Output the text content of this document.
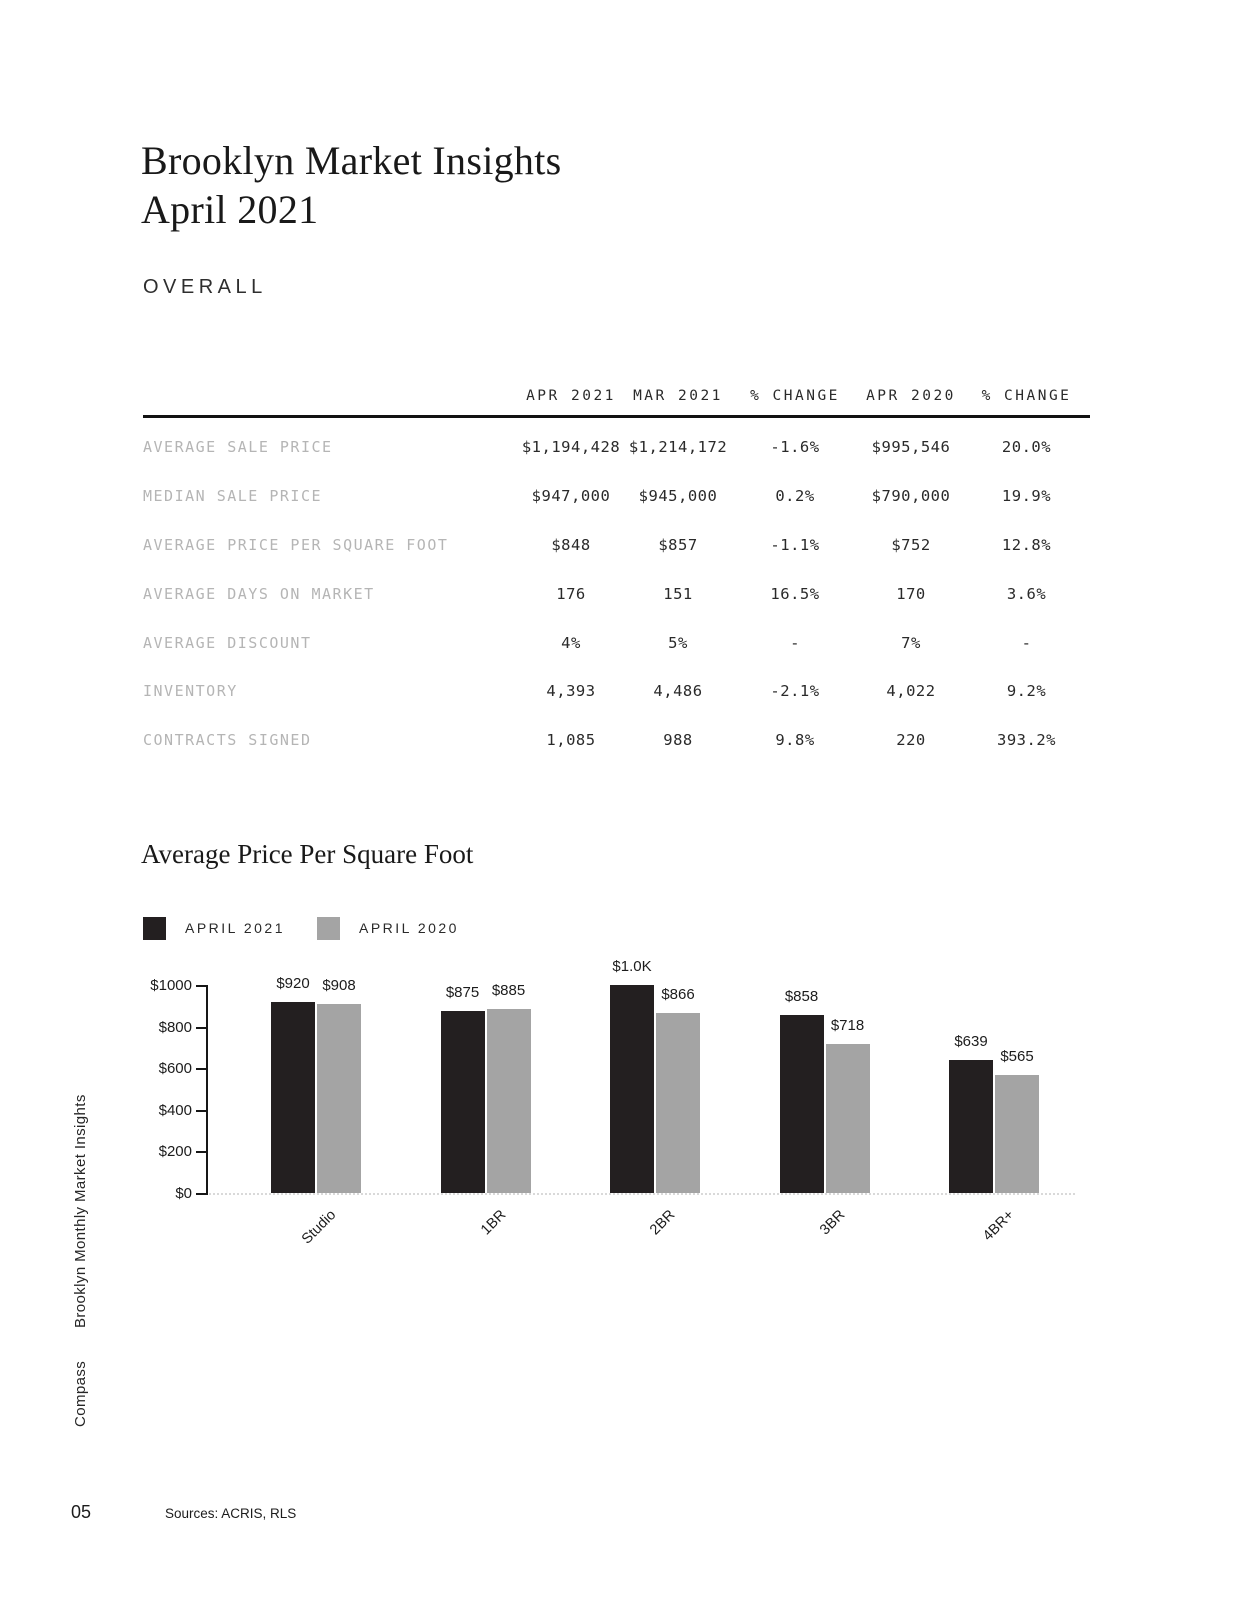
Brooklyn Market Insights
April 2021
OVERALL
APR 2021	MAR 2021	% CHANGE	APR 2020	% CHANGE
AVERAGE SALE PRICE	$1,194,428 $1,214,172	-1.6%	$995,546	20.0%
MEDIAN SALE PRICE	$947,000	$945,000	0.2%	$790,000	19.9%
AVERAGE PRICE PER SQUARE FOOT	$848	$857	-1.1%	$752	12.8%
AVERAGE DAYS ON MARKET	176	151	16.5%	170	3.6%
AVERAGE DISCOUNT	4%	5%	-	7%	-
INVENTORY	4,393	4,486	-2.1%	4,022	9.2%
CONTRACTS SIGNED	1,085	988	9.8%	220	393.2%
Average Price Per Square Foot
APRIL 2021	APRIL 2020
$1000
$800
$600
$400
$200
$0
$920 $908
Studio
$875 $885
1BR
$1.0K
$866
2BR
$858
$718
3BR
$639
$565
4BR+
Brooklyn Monthly Market Insights
Compass
05	Sources: ACRIS, RLS
